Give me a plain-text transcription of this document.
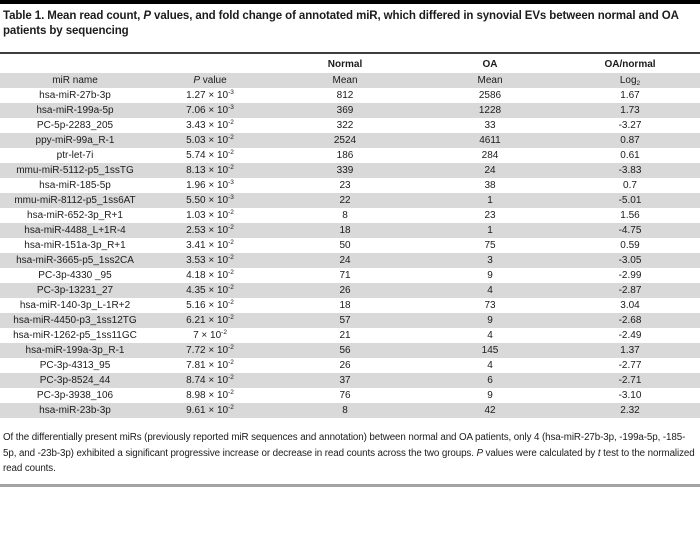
Table 1. Mean read count, P values, and fold change of annotated miR, which differed in synovial EVs between normal and OA patients by sequencing
		Normal	OA	OA/normal
miR name	P value	Mean	Mean	Log$_2$
hsa-miR-27b-3p	$1.27 \times 10^{-3}$	812	2586	1.67
hsa-miR-199a-5p	$7.06 \times 10^{-3}$	369	1228	1.73
PC-5p-2283_205	$3.43 \times 10^{-2}$	322	33	-3.27
ppy-miR-99a_R-1	$5.03 \times 10^{-2}$	2524	4611	0.87
ptr-let-7i	$5.74 \times 10^{-2}$	186	284	0.61
mmu-miR-5112-p5_1ssTG	$8.13 \times 10^{-2}$	339	24	-3.83
hsa-miR-185-5p	$1.96 \times 10^{-3}$	23	38	0.7
mmu-miR-8112-p5_1ss6AT	$5.50 \times 10^{-3}$	22	1	-5.01
hsa-miR-652-3p_R+1	$1.03 \times 10^{-2}$	8	23	1.56
hsa-miR-4488_L+1R-4	$2.53 \times 10^{-2}$	18	1	-4.75
hsa-miR-151a-3p_R+1	$3.41 \times 10^{-2}$	50	75	0.59
hsa-miR-3665-p5_1ss2CA	$3.53 \times 10^{-2}$	24	3	-3.05
PC-3p-4330 _95	$4.18 \times 10^{-2}$	71	9	-2.99
PC-3p-13231_27	$4.35 \times 10^{-2}$	26	4	-2.87
hsa-miR-140-3p_L-1R+2	$5.16 \times 10^{-2}$	18	73	3.04
hsa-miR-4450-p3_1ss12TG	$6.21 \times 10^{-2}$	57	9	-2.68
hsa-miR-1262-p5_1ss11GC	$7 \times 10^{-2}$	21	4	-2.49
hsa-miR-199a-3p_R-1	$7.72 \times 10^{-2}$	56	145	1.37
PC-3p-4313_95	$7.81 \times 10^{-2}$	26	4	-2.77
PC-3p-8524_44	$8.74 \times 10^{-2}$	37	6	-2.71
PC-3p-3938_106	$8.98 \times 10^{-2}$	76	9	-3.10
hsa-miR-23b-3p	$9.61 \times 10^{-2}$	8	42	2.32
Of the differentially present miRs (previously reported miR sequences and annotation) between normal and OA patients, only 4 (hsa-miR-27b-3p, -199a-5p, -185-5p, and -23b-3p) exhibited a significant progressive increase or decrease in read counts across the two groups. P values were calculated by t test to the normalized read counts.
